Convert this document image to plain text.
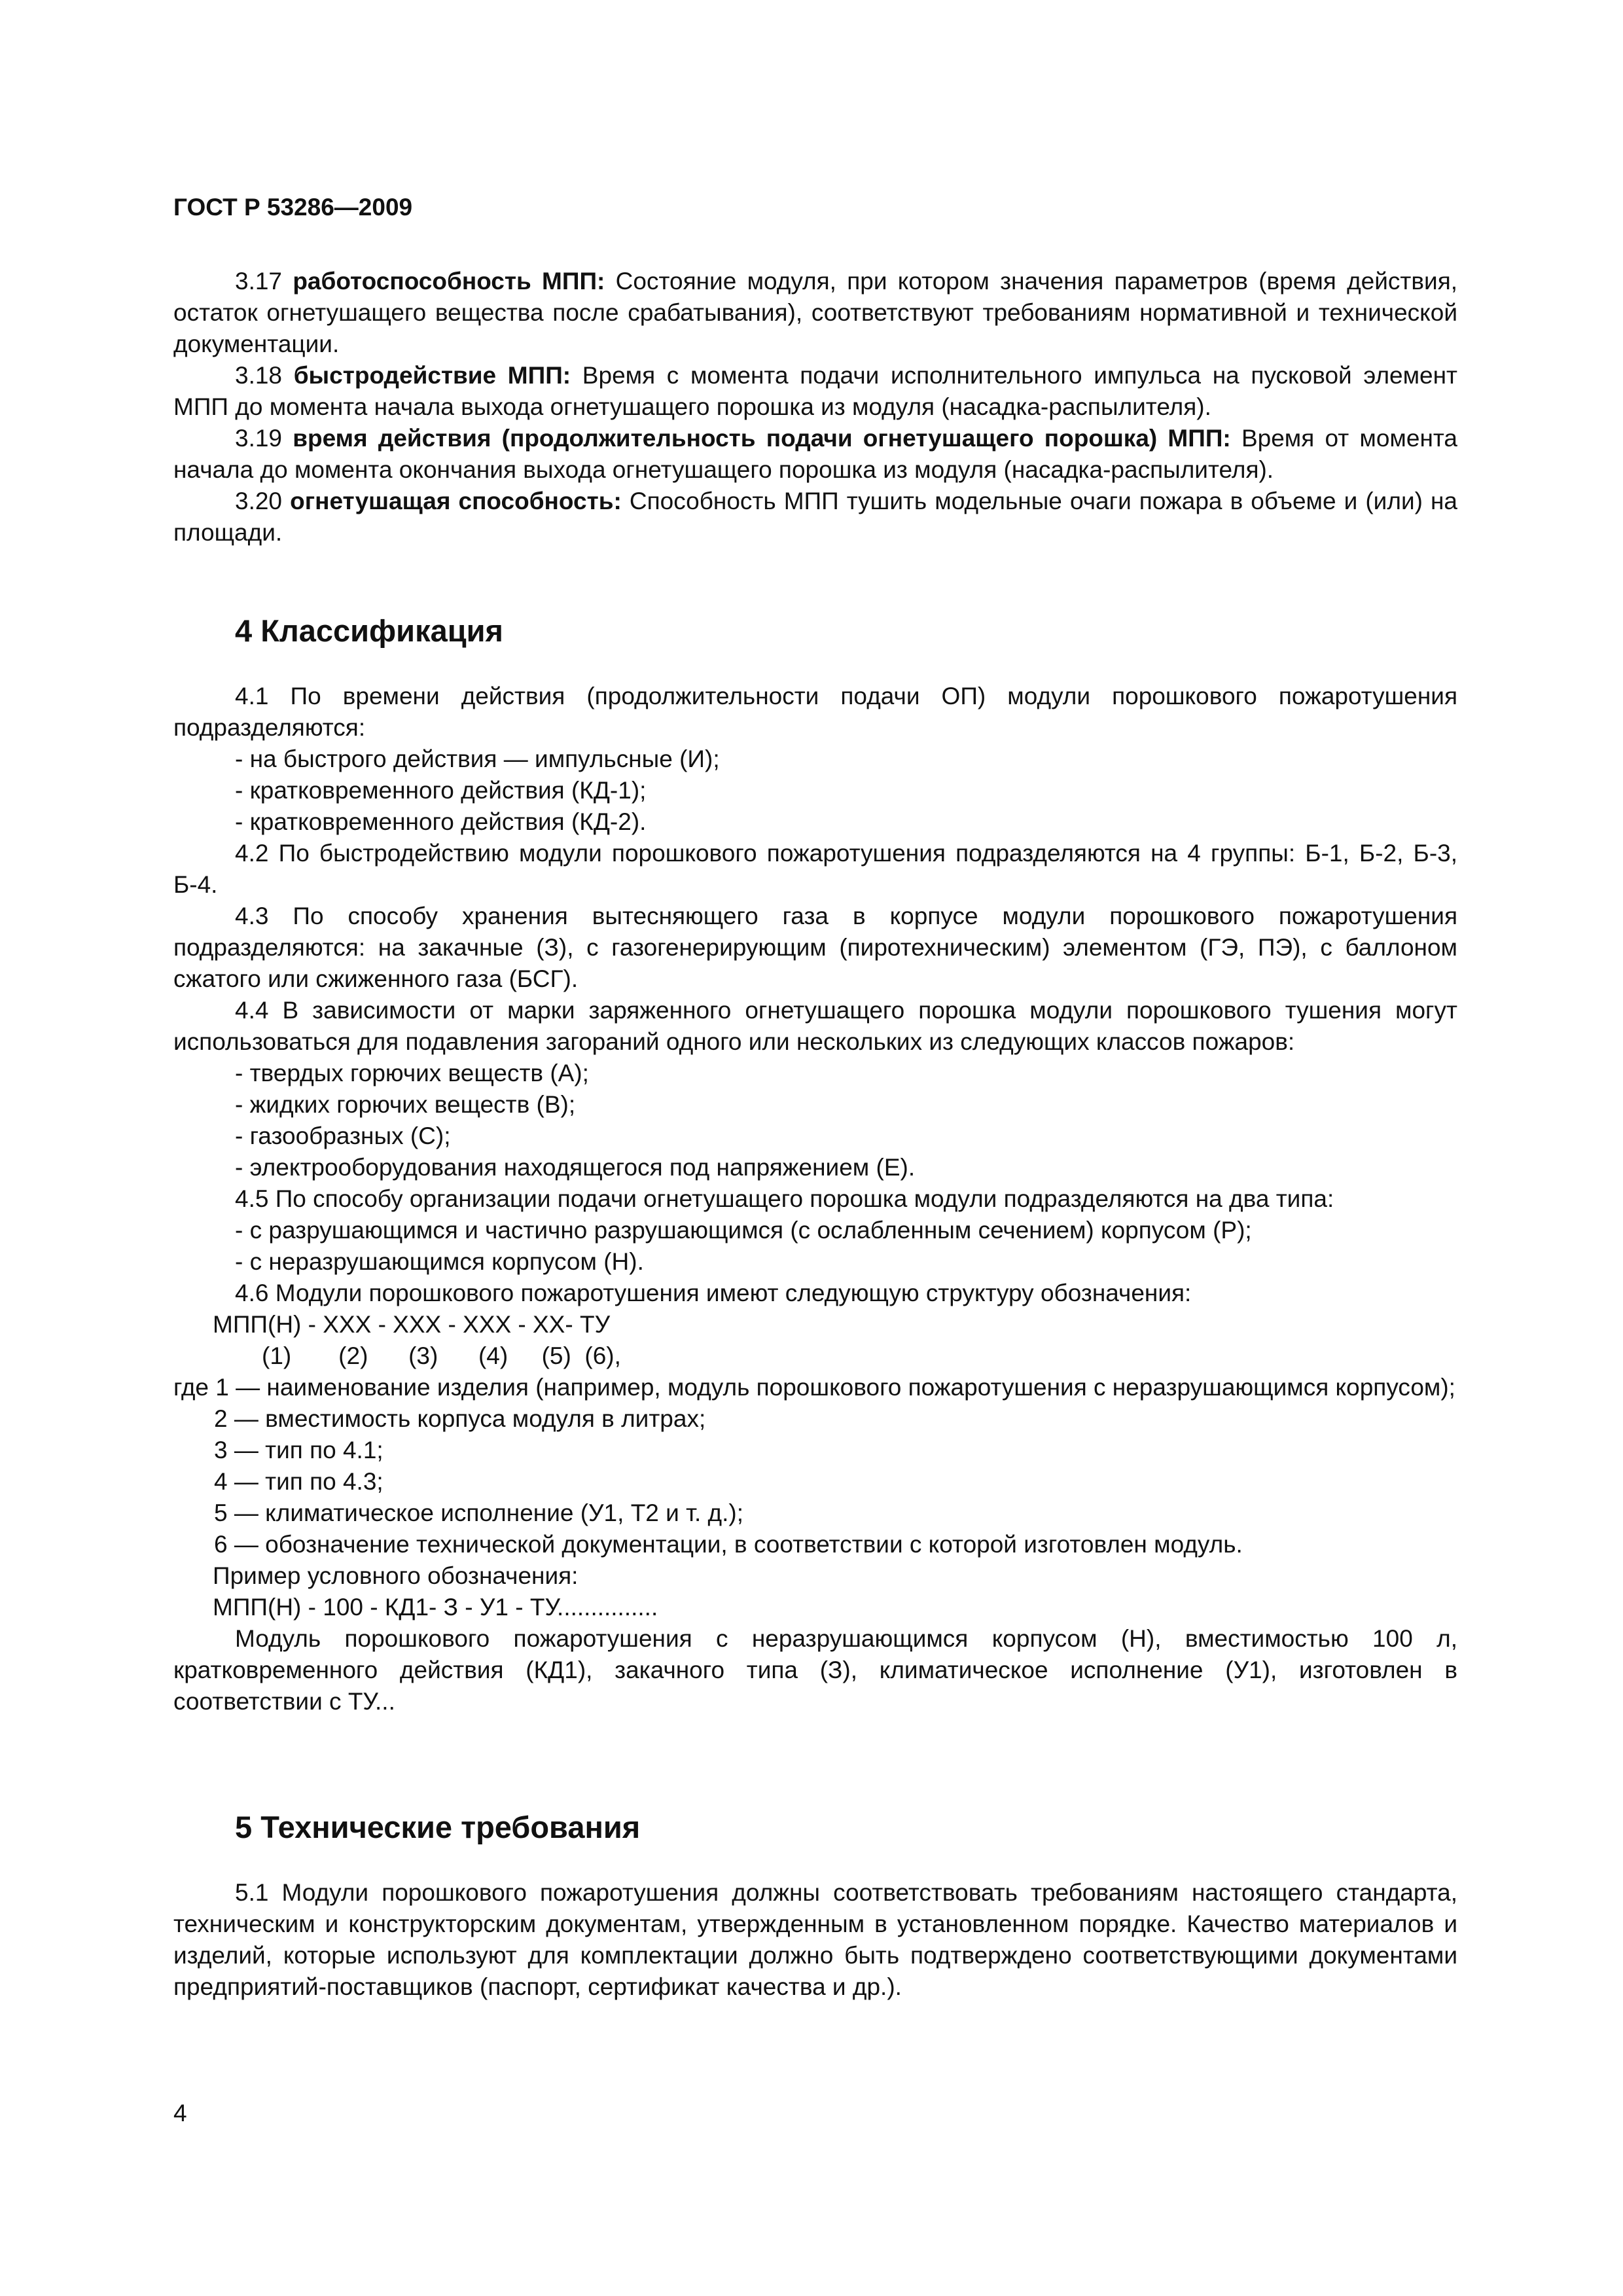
ГОСТ Р 53286—2009

3.17 работоспособность МПП: Состояние модуля, при котором значения параметров (время действия, остаток огнетушащего вещества после срабатывания), соответствуют требованиям нормативной и технической документации.

3.18 быстродействие МПП: Время с момента подачи исполнительного импульса на пусковой элемент МПП до момента начала выхода огнетушащего порошка из модуля (насадка-распылителя).

3.19 время действия (продолжительность подачи огнетушащего порошка) МПП: Время от момента начала до момента окончания выхода огнетушащего порошка из модуля (насадка-распылителя).

3.20 огнетушащая способность: Способность МПП тушить модельные очаги пожара в объеме и (или) на площади.

4 Классификация

4.1 По времени действия (продолжительности подачи ОП) модули порошкового пожаротушения подразделяются:

- на быстрого действия — импульсные (И);

- кратковременного действия (КД-1);

- кратковременного действия (КД-2).

4.2 По быстродействию модули порошкового пожаротушения подразделяются на 4 группы: Б-1, Б-2, Б-3, Б-4.

4.3 По способу хранения вытесняющего газа в корпусе модули порошкового пожаротушения подразделяются: на закачные (З), с газогенерирующим (пиротехническим) элементом (ГЭ, ПЭ), с баллоном сжатого или сжиженного газа (БСГ).

4.4 В зависимости от марки заряженного огнетушащего порошка модули порошкового тушения могут использоваться для подавления загораний одного или нескольких из следующих классов пожаров:

- твердых горючих веществ (А);

- жидких горючих веществ (В);

- газообразных (С);

- электрооборудования находящегося под напряжением (Е).

4.5 По способу организации подачи огнетушащего порошка модули подразделяются на два типа:

- с разрушающимся и частично разрушающимся (с ослабленным сечением) корпусом (Р);

- с неразрушающимся корпусом (Н).

4.6 Модули порошкового пожаротушения имеют следующую структуру обозначения:

МПП(Н) - ХХХ - ХХХ - ХХХ - ХХ- ТУ

(1)       (2)      (3)      (4)     (5)  (6),

где 1 — наименование изделия (например, модуль порошкового пожаротушения с неразрушающимся корпусом);

2 — вместимость корпуса модуля в литрах;

3 — тип по 4.1;

4 — тип по 4.3;

5 — климатическое исполнение (У1, Т2 и т. д.);

6 — обозначение технической документации, в соответствии с которой изготовлен модуль.

Пример условного обозначения:

МПП(Н) - 100 - КД1- З - У1 - ТУ...............

Модуль порошкового пожаротушения с неразрушающимся корпусом (Н), вместимостью 100 л, кратковременного действия (КД1), закачного типа (З), климатическое исполнение (У1), изготовлен в соответствии с ТУ...

5 Технические требования

5.1 Модули порошкового пожаротушения должны соответствовать требованиям настоящего стандарта, техническим и конструкторским документам, утвержденным в установленном порядке. Качество материалов и изделий, которые используют для комплектации должно быть подтверждено соответствующими документами предприятий-поставщиков (паспорт, сертификат качества и др.).

4
